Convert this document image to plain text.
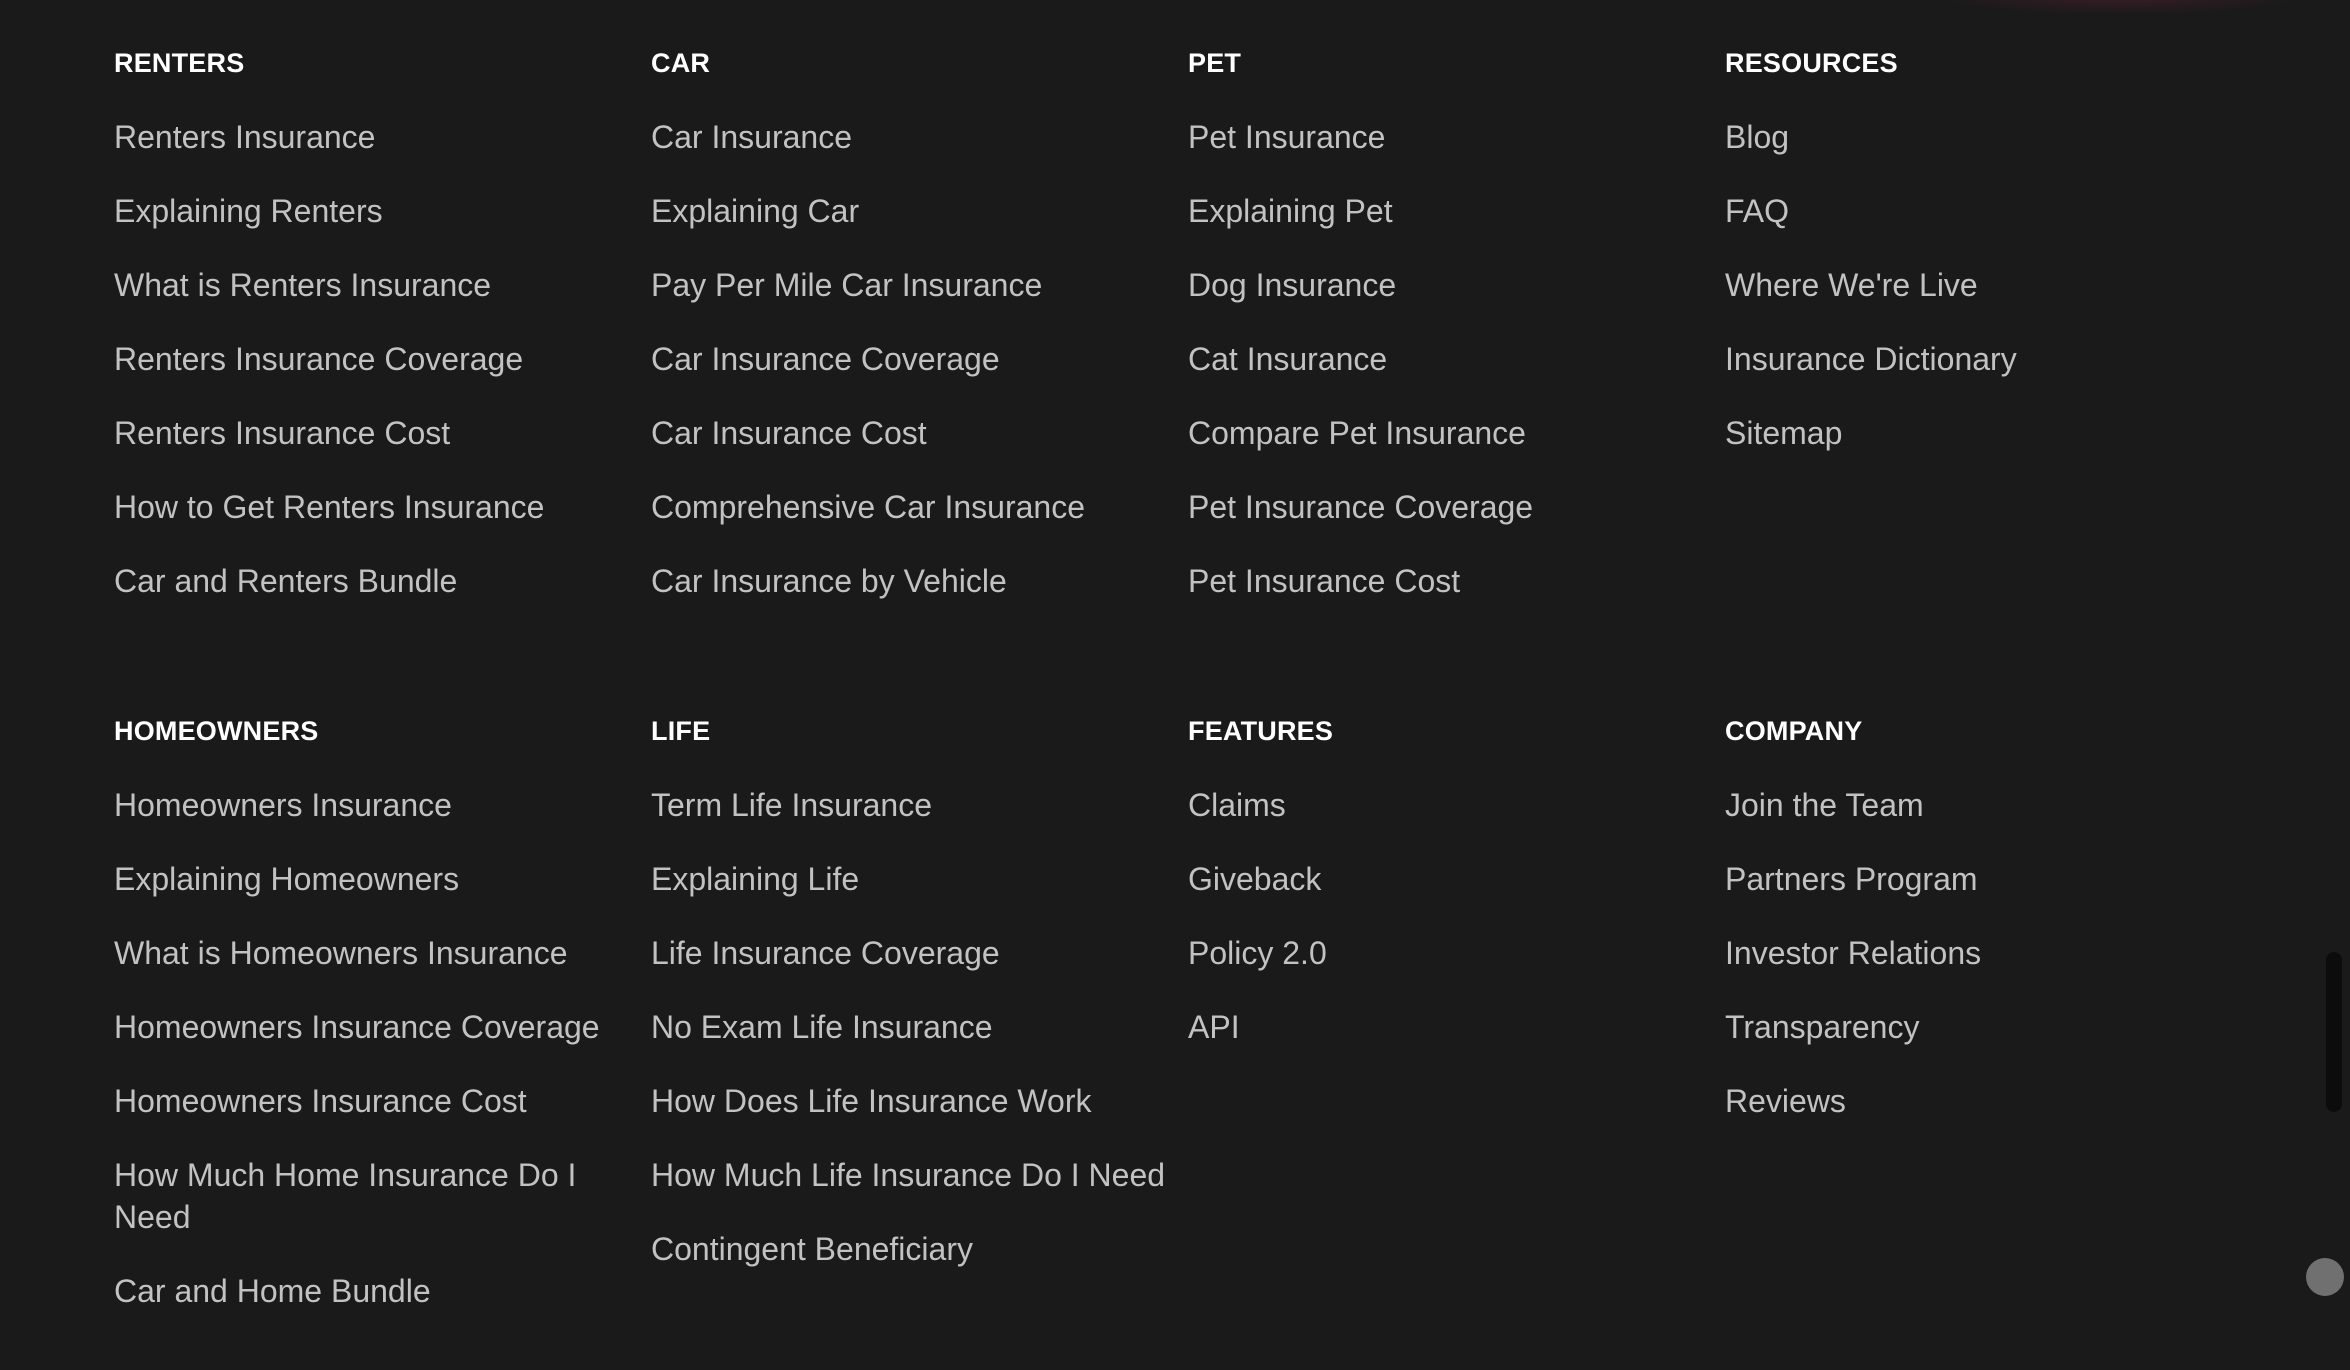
RENTERS
Renters Insurance
Explaining Renters
What is Renters Insurance
Renters Insurance Coverage
Renters Insurance Cost
How to Get Renters Insurance
Car and Renters Bundle
CAR
Car Insurance
Explaining Car
Pay Per Mile Car Insurance
Car Insurance Coverage
Car Insurance Cost
Comprehensive Car Insurance
Car Insurance by Vehicle
PET
Pet Insurance
Explaining Pet
Dog Insurance
Cat Insurance
Compare Pet Insurance
Pet Insurance Coverage
Pet Insurance Cost
RESOURCES
Blog
FAQ
Where We're Live
Insurance Dictionary
Sitemap
HOMEOWNERS
Homeowners Insurance
Explaining Homeowners
What is Homeowners Insurance
Homeowners Insurance Coverage
Homeowners Insurance Cost
How Much Home Insurance Do I Need
Car and Home Bundle
LIFE
Term Life Insurance
Explaining Life
Life Insurance Coverage
No Exam Life Insurance
How Does Life Insurance Work
How Much Life Insurance Do I Need
Contingent Beneficiary
FEATURES
Claims
Giveback
Policy 2.0
API
COMPANY
Join the Team
Partners Program
Investor Relations
Transparency
Reviews
